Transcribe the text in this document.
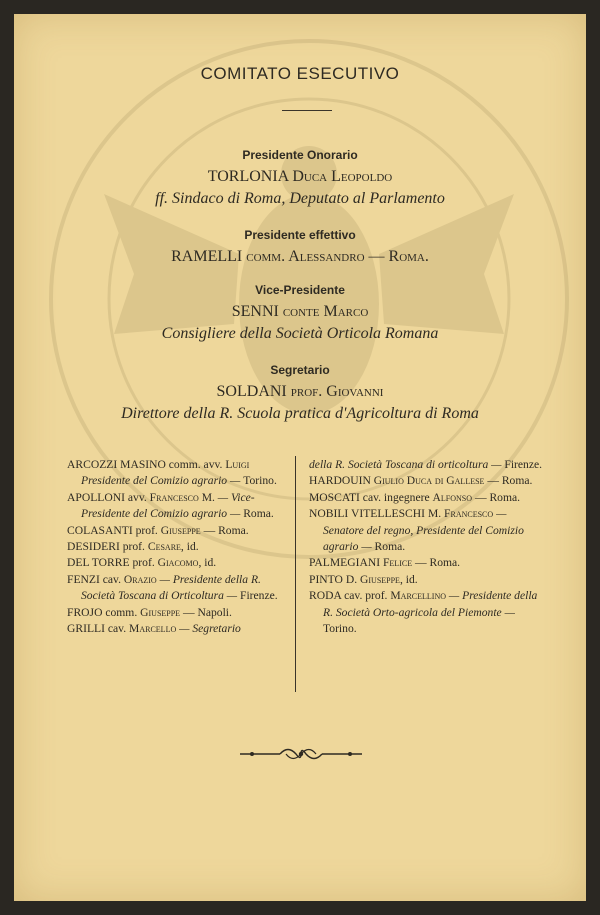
COMITATO ESECUTIVO
Presidente Onorario
TORLONIA Duca Leopoldo
ff. Sindaco di Roma, Deputato al Parlamento
Presidente effettivo
RAMELLI comm. Alessandro — Roma.
Vice-Presidente
SENNI conte Marco
Consigliere della Società Orticola Romana
Segretario
SOLDANI prof. Giovanni
Direttore della R. Scuola pratica d'Agricoltura di Roma
ARCOZZI MASINO comm. avv. Luigi Presidente del Comizio agrario — Torino.
APOLLONI avv. Francesco M. — Vice-Presidente del Comizio agrario — Roma.
COLASANTI prof. Giuseppe — Roma.
DESIDERI prof. Cesare, id.
DEL TORRE prof. Giacomo, id.
FENZI cav. Orazio — Presidente della R. Società Toscana di Orticoltura — Firenze.
FROJO comm. Giuseppe — Napoli.
GRILLI cav. Marcello — Segretario
della R. Società Toscana di orticoltura — Firenze.
HARDOUIN Giulio Duca di Gallese — Roma.
MOSCATI cav. ingegnere Alfonso — Roma.
NOBILI VITELLESCHI M. Francesco — Senatore del regno, Presidente del Comizio agrario — Roma.
PALMEGIANI Felice — Roma.
PINTO D. Giuseppe, id.
RODA cav. prof. Marcellino — Presidente della R. Società Orto-agricola del Piemonte — Torino.
